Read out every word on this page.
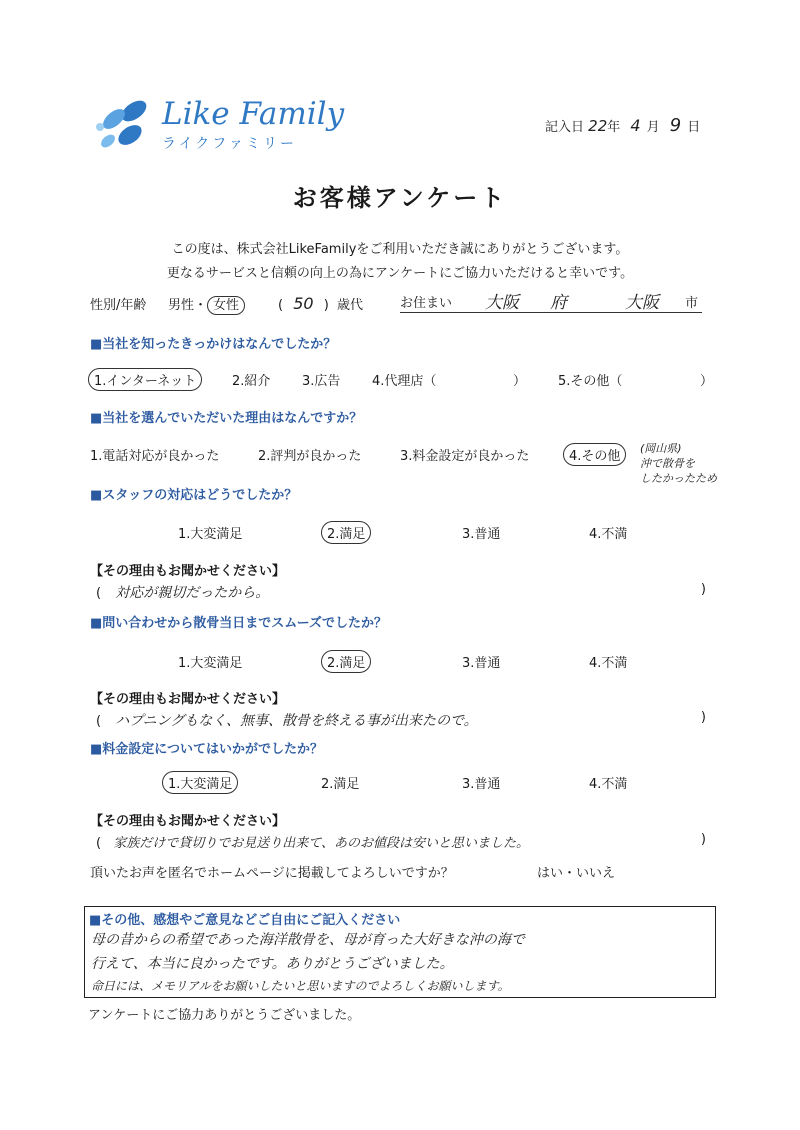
Like Family
ライクファミリー
記入日 22年 4 月 9 日
お客様アンケート
この度は、株式会社LikeFamilyをご利用いただき誠にありがとうございます。
更なるサービスと信頼の向上の為にアンケートにご協力いただけると幸いです。
性別/年齢 男性・ 女性	( 50 ) 歳代	お住まい 大阪 府	大阪 市
■当社を知ったきっかけはなんでしたか？
1.インターネット	2.紹介 3.広告 4.代理店（	） 5.その他（	）
■当社を選んでいただいた理由はなんですか？
1.電話対応が良かった	2.評判が良かった	3.料金設定が良かった	4.その他
(岡山県)
沖で散骨を
したかったため
■スタッフの対応はどうでしたか？
1.大変満足	2.満足	3.普通	4.不満
【その理由もお聞かせください】
( 対応が親切だったから。	)
■問い合わせから散骨当日までスムーズでしたか？
1.大変満足	2.満足	3.普通	4.不満
【その理由もお聞かせください】
( ハプニングもなく、無事、散骨を終える事が出来たので。	)
■料金設定についてはいかがでしたか？
1.大変満足	2.満足	3.普通	4.不満
【その理由もお聞かせください】
( 家族だけで貸切りでお見送り出来て、あのお値段は安いと思いました。	)
頂いたお声を匿名でホームページに掲載してよろしいですか？	はい・いいえ
■その他、感想やご意見などご自由にご記入ください
母の昔からの希望であった海洋散骨を、母が育った大好きな沖の海で
行えて、本当に良かったです。ありがとうございました。
命日には、メモリアルをお願いしたいと思いますのでよろしくお願いします。
アンケートにご協力ありがとうございました。
